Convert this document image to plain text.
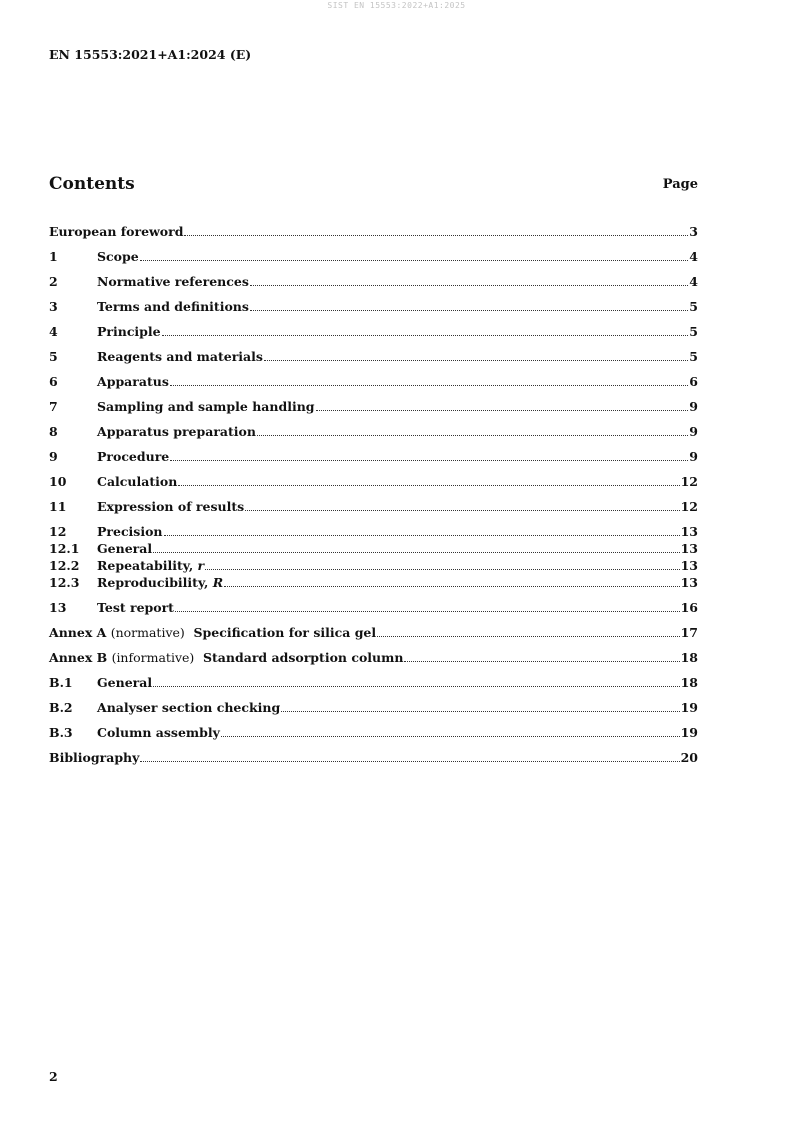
SIST EN 15553:2022+A1:2025
EN 15553:2021+A1:2024 (E)
Contents	Page
European foreword	3
1	Scope	4
2	Normative references	4
3	Terms and definitions	5
4	Principle	5
5	Reagents and materials	5
6	Apparatus	6
7	Sampling and sample handling	9
8	Apparatus preparation	9
9	Procedure	9
10	Calculation	12
11	Expression of results	12
12	Precision	13
12.1	General	13
12.2	Repeatability, r	13
12.3	Reproducibility, R	13
13	Test report	16
Annex A (normative) Specification for silica gel	17
Annex B (informative) Standard adsorption column	18
B.1	General	18
B.2	Analyser section checking	19
B.3	Column assembly	19
Bibliography	20
2
